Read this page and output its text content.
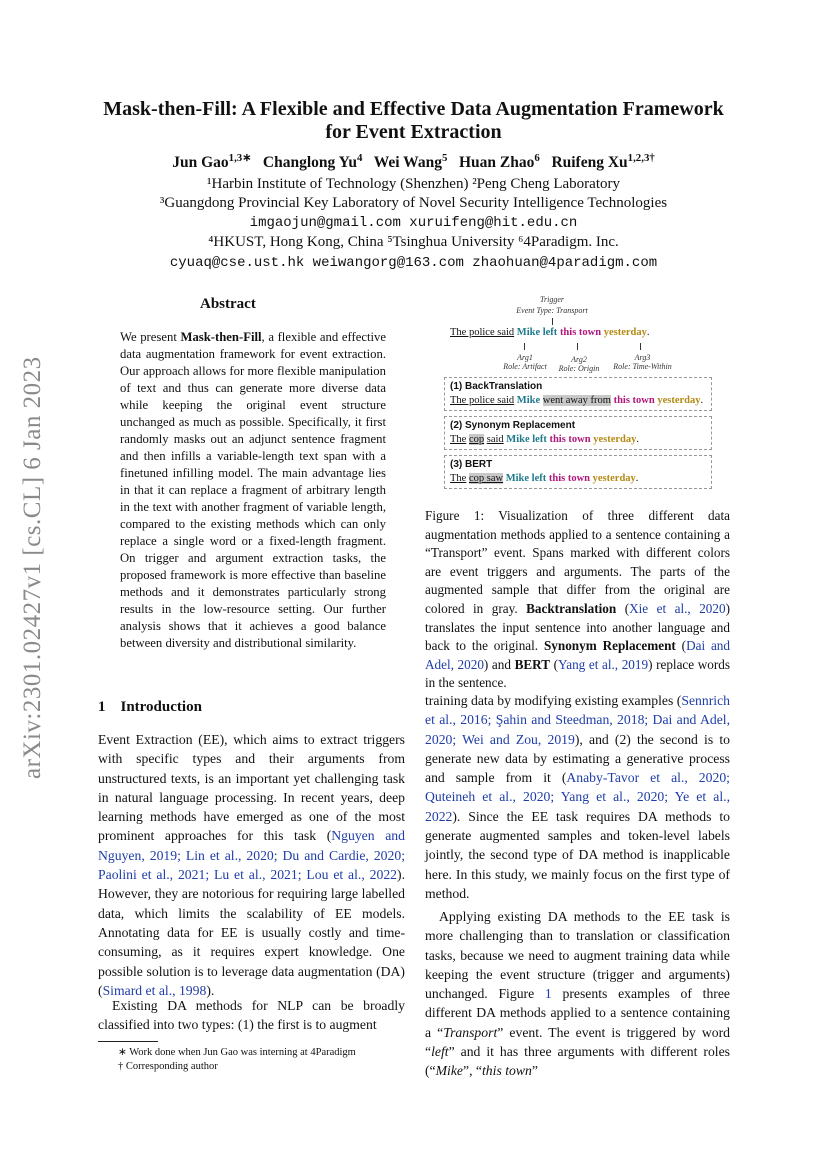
arXiv:2301.02427v1 [cs.CL] 6 Jan 2023
Mask-then-Fill: A Flexible and Effective Data Augmentation Framework
for Event Extraction
Jun Gao$^{1,3∗}$ Changlong Yu$^4$ Wei Wang$^5$ Huan Zhao$^6$ Ruifeng $Xu^{1,2,3\dagger}$
¹Harbin Institute of Technology (Shenzhen) ²Peng Cheng Laboratory
³Guangdong Provincial Key Laboratory of Novel Security Intelligence Technologies
imgaojun@gmail.com xuruifeng@hit.edu.cn
⁴HKUST, Hong Kong, China ⁵Tsinghua University ⁶4Paradigm. Inc.
cyuaq@cse.ust.hk weiwangorg@163.com zhaohuan@4paradigm.com
Abstract
We present Mask-then-Fill, a flexible and effective data augmentation framework for event extraction. Our approach allows for more flexible manipulation of text and thus can generate more diverse data while keeping the original event structure unchanged as much as possible. Specifically, it first randomly masks out an adjunct sentence fragment and then infills a variable-length text span with a finetuned infilling model. The main advantage lies in that it can replace a fragment of arbitrary length in the text with another fragment of variable length, compared to the existing methods which can only replace a single word or a fixed-length fragment. On trigger and argument extraction tasks, the proposed framework is more effective than baseline methods and it demonstrates particularly strong results in the low-resource setting. Our further analysis shows that it achieves a good balance between diversity and distributional similarity.
Trigger
Event Type: Transport
The police said Mike left this town yesterday.
Arg1
Role: Artifact
Arg2
Role: Origin
Arg3
Role: Time-Within
(1) BackTranslation
The police said Mike went away from this town yesterday.
(2) Synonym Replacement
The cop said Mike left this town yesterday.
(3) BERT
The cop saw Mike left this town yesterday.
Figure 1: Visualization of three different data augmentation methods applied to a sentence containing a “Transport” event. Spans marked with different colors are event triggers and arguments. The parts of the augmented sample that differ from the original are colored in gray. Backtranslation (Xie et al., 2020) translates the input sentence into another language and back to the original. Synonym Replacement (Dai and Adel, 2020) and BERT (Yang et al., 2019) replace words in the sentence.
1 Introduction
Event Extraction (EE), which aims to extract triggers with specific types and their arguments from unstructured texts, is an important yet challenging task in natural language processing. In recent years, deep learning methods have emerged as one of the most prominent approaches for this task (Nguyen and Nguyen, 2019; Lin et al., 2020; Du and Cardie, 2020; Paolini et al., 2021; Lu et al., 2021; Lou et al., 2022). However, they are notorious for requiring large labelled data, which limits the scalability of EE models. Annotating data for EE is usually costly and time-consuming, as it requires expert knowledge. One possible solution is to leverage data augmentation (DA) (Simard et al., 1998).
Existing DA methods for NLP can be broadly classified into two types: (1) the first is to augment
∗ Work done when Jun Gao was interning at 4Paradigm
† Corresponding author
training data by modifying existing examples (Sennrich et al., 2016; Şahin and Steedman, 2018; Dai and Adel, 2020; Wei and Zou, 2019), and (2) the second is to generate new data by estimating a generative process and sample from it (Anaby-Tavor et al., 2020; Quteineh et al., 2020; Yang et al., 2020; Ye et al., 2022). Since the EE task requires DA methods to generate augmented samples and token-level labels jointly, the second type of DA method is inapplicable here. In this study, we mainly focus on the first type of method.
Applying existing DA methods to the EE task is more challenging than to translation or classification tasks, because we need to augment training data while keeping the event structure (trigger and arguments) unchanged. Figure 1 presents examples of three different DA methods applied to a sentence containing a “Transport” event. The event is triggered by word “left” and it has three arguments with different roles (“Mike”, “this town”
